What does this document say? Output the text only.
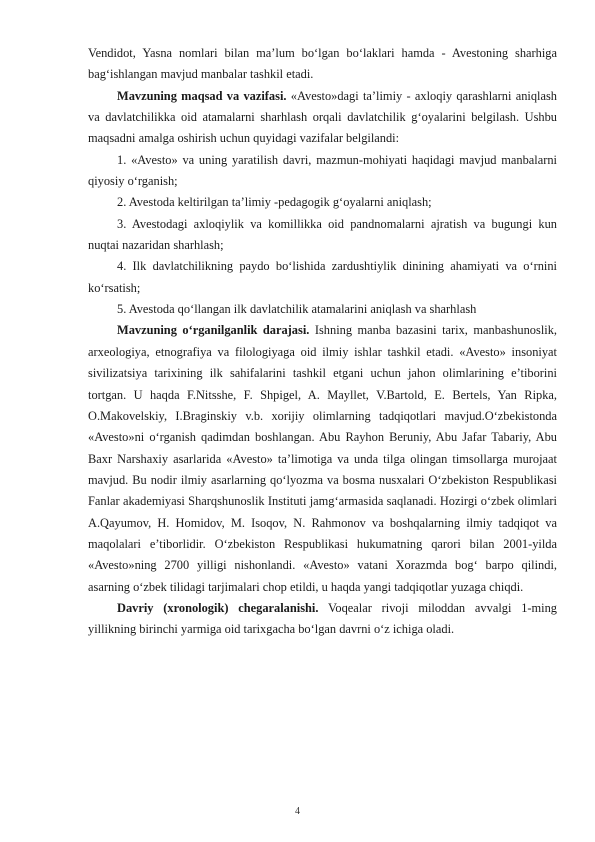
Vendidot, Yasna nomlari bilan ma’lum bo‘lgan bo‘laklari hamda - Avestoning sharhiga bag‘ishlangan mavjud manbalar tashkil etadi.

Mavzuning maqsad va vazifasi. «Avesto»dagi ta’limiy - axloqiy qarashlarni aniqlash va davlatchilikka oid atamalarni sharhlash orqali davlatchilik g‘oyalarini belgilash. Ushbu maqsadni amalga oshirish uchun quyidagi vazifalar belgilandi:

1. «Avesto» va uning yaratilish davri, mazmun-mohiyati haqidagi mavjud manbalarni qiyosiy o‘rganish;

2. Avestoda keltirilgan ta’limiy -pedagogik g‘oyalarni aniqlash;

3. Avestodagi axloqiylik va komillikka oid pandnomalarni ajratish va bugungi kun nuqtai nazaridan sharhlash;

4. Ilk davlatchilikning paydo bo‘lishida zardushtiylik dinining ahamiyati va o‘rnini ko‘rsatish;

5. Avestoda qo‘llangan ilk davlatchilik atamalarini aniqlash va sharhlash

Mavzuning o‘rganilganlik darajasi. Ishning manba bazasini tarix, manbashunoslik, arxeologiya, etnografiya va filologiyaga oid ilmiy ishlar tashkil etadi. «Avesto» insoniyat sivilizatsiya tarixining ilk sahifalarini tashkil etgani uchun jahon olimlarining e’tiborini tortgan. U haqda F.Nitsshe, F. Shpigel, A. Mayllet, V.Bartold, E. Bertels, Yan Ripka, O.Makovelskiy, I.Braginskiy v.b. xorijiy olimlarning tadqiqotlari mavjud.O‘zbekistonda «Avesto»ni o‘rganish qadimdan boshlangan. Abu Rayhon Beruniy, Abu Jafar Tabariy, Abu Baxr Narshaxiy asarlarida «Avesto» ta’limotiga va unda tilga olingan timsollarga murojaat mavjud. Bu nodir ilmiy asarlarning qo‘lyozma va bosma nusxalari O‘zbekiston Respublikasi Fanlar akademiyasi Sharqshunoslik Instituti jamg‘armasida saqlanadi. Hozirgi o‘zbek olimlari A.Qayumov, H. Homidov, M. Isoqov, N. Rahmonov va boshqalarning ilmiy tadqiqot va maqolalari e’tiborlidir. O‘zbekiston Respublikasi hukumatning qarori bilan 2001-yilda «Avesto»ning 2700 yilligi nishonlandi. «Avesto» vatani Xorazmda bog‘ barpo qilindi, asarning o‘zbek tilidagi tarjimalari chop etildi, u haqda yangi tadqiqotlar yuzaga chiqdi.

Davriy (xronologik) chegaralanishi. Voqealar rivoji miloddan avvalgi 1-ming yillikning birinchi yarmiga oid tarixgacha bo‘lgan davrni o‘z ichiga oladi.

4
